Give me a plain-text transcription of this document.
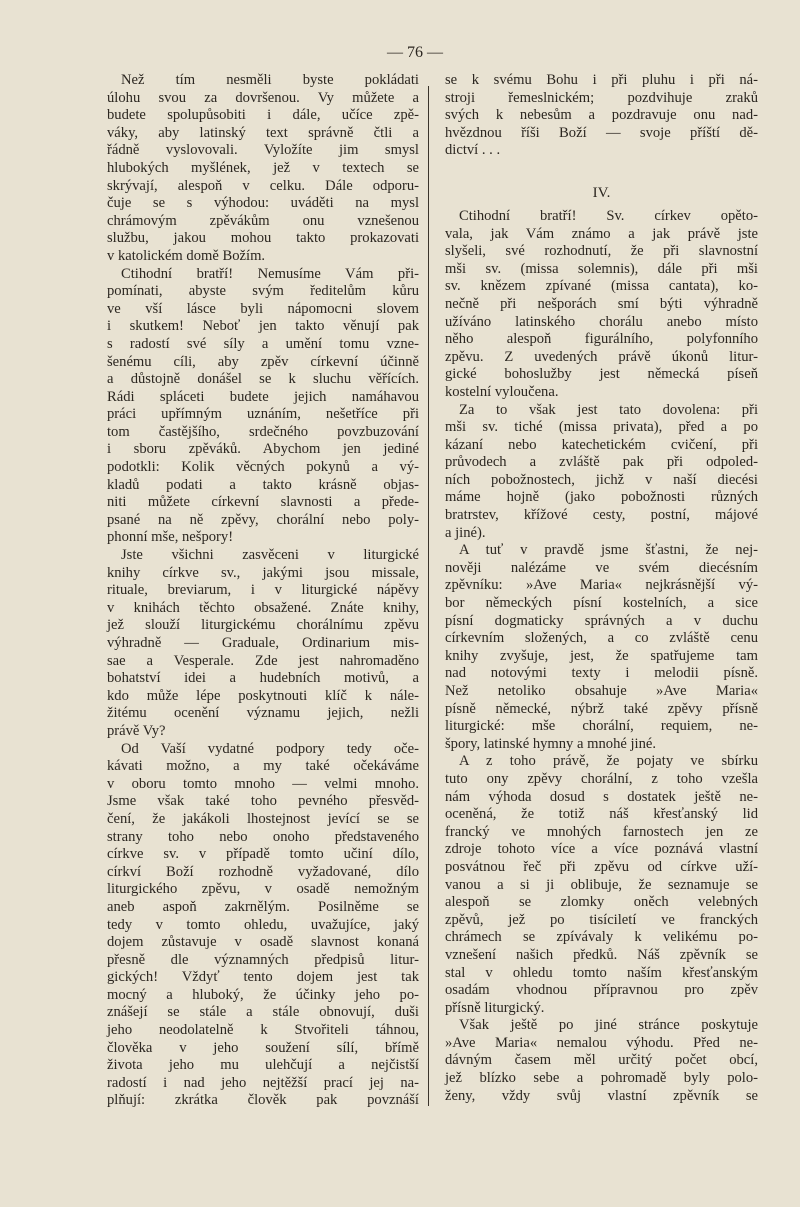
— 76 —
Než tím nesměli byste pokládati
úlohu svou za dovršenou. Vy můžete a
budete spolupůsobiti i dále, učíce zpě-
váky, aby latinský text správně čtli a
řádně vyslovovali. Vyložíte jim smysl
hlubokých myšlének, jež v textech se
skrývají, alespoň v celku. Dále odporu-
čuje se s výhodou: uváděti na mysl
chrámovým zpěvákům onu vznešenou
službu, jakou mohou takto prokazovati
v katolickém domě Božím.
Ctihodní bratří! Nemusíme Vám při-
pomínati, abyste svým ředitelům kůru
ve vší lásce byli nápomocni slovem
i skutkem! Neboť jen takto věnují pak
s radostí své síly a umění tomu vzne-
šenému cíli, aby zpěv církevní účinně
a důstojně donášel se k sluchu věřících.
Rádi spláceti budete jejich namáhavou
práci upřímným uznáním, nešetříce při
tom častějšího, srdečného povzbuzování
i sboru zpěváků. Abychom jen jediné
podotkli: Kolik věcných pokynů a vý-
kladů podati a takto krásně objas-
niti můžete církevní slavnosti a přede-
psané na ně zpěvy, chorální nebo poly-
phonní mše, nešpory!
Jste všichni zasvěceni v liturgické
knihy církve sv., jakými jsou missale,
rituale, breviarum, i v liturgické nápěvy
v knihách těchto obsažené. Znáte knihy,
jež slouží liturgickému chorálnímu zpěvu
výhradně — Graduale, Ordinarium mis-
sae a Vesperale. Zde jest nahromaděno
bohatství idei a hudebních motivů, a
kdo může lépe poskytnouti klíč k nále-
žitému ocenění významu jejich, nežli
právě Vy?
Od Vaší vydatné podpory tedy oče-
kávati možno, a my také očekáváme
v oboru tomto mnoho — velmi mnoho.
Jsme však také toho pevného přesvěd-
čení, že jakákoli lhostejnost jevící se se
strany toho nebo onoho představeného
církve sv. v případě tomto učiní dílo,
církví Boží rozhodně vyžadované, dílo
liturgického zpěvu, v osadě nemožným
aneb aspoň zakrnělým. Posilněme se
tedy v tomto ohledu, uvažujíce, jaký
dojem zůstavuje v osadě slavnost konaná
přesně dle významných předpisů litur-
gických! Vždyť tento dojem jest tak
mocný a hluboký, že účinky jeho po-
znášejí se stále a stále obnovují, duši
jeho neodolatelně k Stvořiteli táhnou,
člověka v jeho soužení sílí, břímě
života jeho mu ulehčují a nejčistší
radostí i nad jeho nejtěžší prací jej na-
plňují: zkrátka člověk pak povznáší
se k svému Bohu i při pluhu i při ná-
stroji řemeslnickém; pozdvihuje zraků
svých k nebesům a pozdravuje onu nad-
hvězdnou říši Boží — svoje příští dě-
dictví . . .
IV.
Ctihodní bratří! Sv. církev opěto-
vala, jak Vám známo a jak právě jste
slyšeli, své rozhodnutí, že při slavnostní
mši sv. (missa solemnis), dále při mši
sv. knězem zpívané (missa cantata), ko-
nečně při nešporách smí býti výhradně
užíváno latinského chorálu anebo místo
něho alespoň figurálního, polyfonního
zpěvu. Z uvedených právě úkonů litur-
gické bohoslužby jest německá píseň
kostelní vyloučena.
Za to však jest tato dovolena: při
mši sv. tiché (missa privata), před a po
kázaní nebo katechetickém cvičení, při
průvodech a zvláště pak při odpoled-
ních pobožnostech, jichž v naší diecési
máme hojně (jako pobožnosti různých
bratrstev, křížové cesty, postní, májové
a jiné).
A tuť v pravdě jsme šťastni, že nej-
nověji nalézáme ve svém diecésním
zpěvníku: »Ave Maria« nejkrásnější vý-
bor německých písní kostelních, a sice
písní dogmaticky správných a v duchu
církevním složených, a co zvláště cenu
knihy zvyšuje, jest, že spatřujeme tam
nad notovými texty i melodii písně.
Než netoliko obsahuje »Ave Maria«
písně německé, nýbrž také zpěvy přísně
liturgické: mše chorální, requiem, ne-
špory, latinské hymny a mnohé jiné.
A z toho právě, že pojaty ve sbírku
tuto ony zpěvy chorální, z toho vzešla
nám výhoda dosud s dostatek ještě ne-
oceněná, že totiž náš křesťanský lid
francký ve mnohých farnostech jen ze
zdroje tohoto více a více poznává vlastní
posvátnou řeč při zpěvu od církve uží-
vanou a si ji oblibuje, že seznamuje se
alespoň se zlomky oněch velebných
zpěvů, jež po tisíciletí ve franckých
chrámech se zpívávaly k velikému po-
vznešení našich předků. Náš zpěvník se
stal v ohledu tomto naším křesťanským
osadám vhodnou přípravnou pro zpěv
přísně liturgický.
Však ještě po jiné stránce poskytuje
»Ave Maria« nemalou výhodu. Před ne-
dávným časem měl určitý počet obcí,
jež blízko sebe a pohromadě byly polo-
ženy, vždy svůj vlastní zpěvník se
